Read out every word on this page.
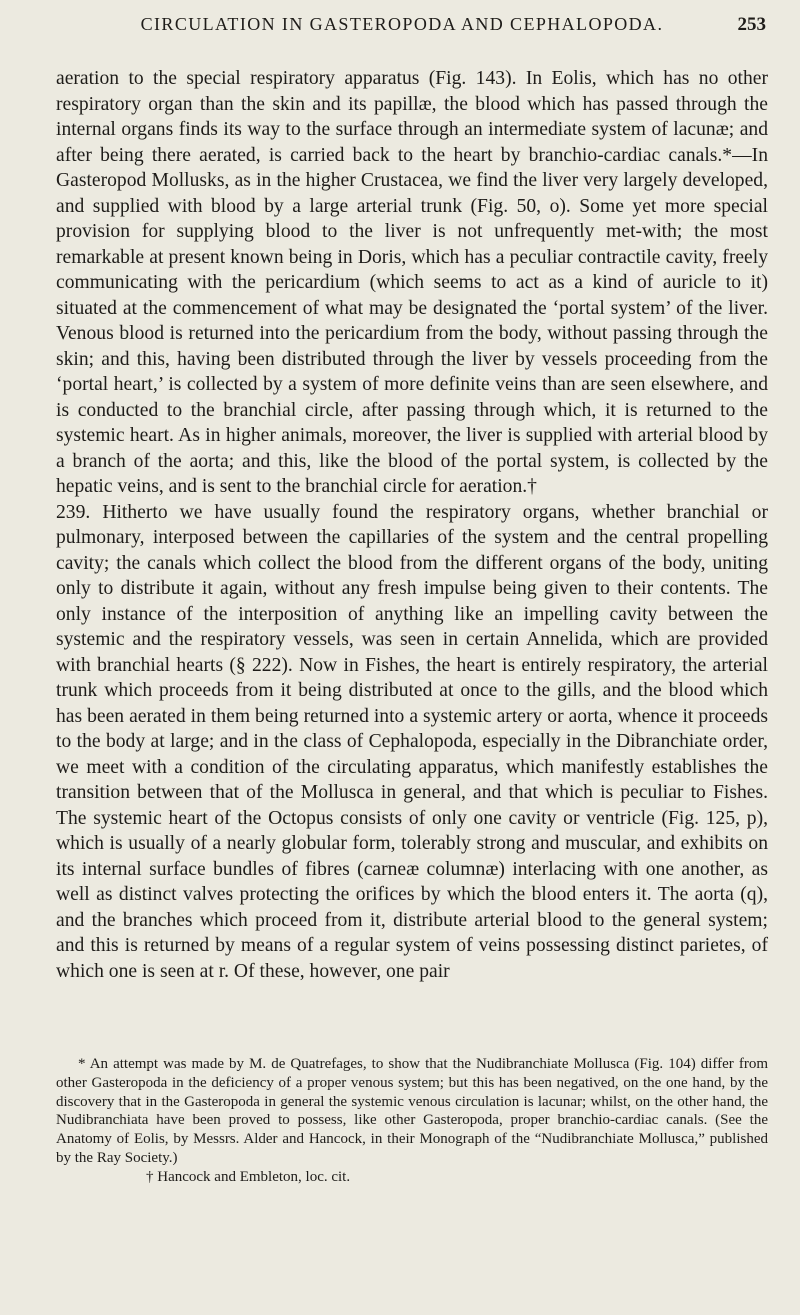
CIRCULATION IN GASTEROPODA AND CEPHALOPODA.	253

aeration to the special respiratory apparatus (Fig. 143). In Eolis, which has no other respiratory organ than the skin and its papillæ, the blood which has passed through the internal organs finds its way to the surface through an intermediate system of lacunæ; and after being there aerated, is carried back to the heart by branchio-cardiac canals.*—In Gasteropod Mollusks, as in the higher Crustacea, we find the liver very largely developed, and supplied with blood by a large arterial trunk (Fig. 50, o). Some yet more special provision for supplying blood to the liver is not unfrequently met-with; the most remarkable at present known being in Doris, which has a peculiar contractile cavity, freely communicating with the pericardium (which seems to act as a kind of auricle to it) situated at the commencement of what may be designated the ‘portal system’ of the liver. Venous blood is returned into the pericardium from the body, without passing through the skin; and this, having been distributed through the liver by vessels proceeding from the ‘portal heart,’ is collected by a system of more definite veins than are seen elsewhere, and is conducted to the branchial circle, after passing through which, it is returned to the systemic heart. As in higher animals, moreover, the liver is supplied with arterial blood by a branch of the aorta; and this, like the blood of the portal system, is collected by the hepatic veins, and is sent to the branchial circle for aeration.†

239. Hitherto we have usually found the respiratory organs, whether branchial or pulmonary, interposed between the capillaries of the system and the central propelling cavity; the canals which collect the blood from the different organs of the body, uniting only to distribute it again, without any fresh impulse being given to their contents. The only instance of the interposition of anything like an impelling cavity between the systemic and the respiratory vessels, was seen in certain Annelida, which are provided with branchial hearts (§ 222). Now in Fishes, the heart is entirely respiratory, the arterial trunk which proceeds from it being distributed at once to the gills, and the blood which has been aerated in them being returned into a systemic artery or aorta, whence it proceeds to the body at large; and in the class of Cephalopoda, especially in the Dibranchiate order, we meet with a condition of the circulating apparatus, which manifestly establishes the transition between that of the Mollusca in general, and that which is peculiar to Fishes. The systemic heart of the Octopus consists of only one cavity or ventricle (Fig. 125, p), which is usually of a nearly globular form, tolerably strong and muscular, and exhibits on its internal surface bundles of fibres (carneæ columnæ) interlacing with one another, as well as distinct valves protecting the orifices by which the blood enters it. The aorta (q), and the branches which proceed from it, distribute arterial blood to the general system; and this is returned by means of a regular system of veins possessing distinct parietes, of which one is seen at r. Of these, however, one pair

* An attempt was made by M. de Quatrefages, to show that the Nudibranchiate Mollusca (Fig. 104) differ from other Gasteropoda in the deficiency of a proper venous system; but this has been negatived, on the one hand, by the discovery that in the Gasteropoda in general the systemic venous circulation is lacunar; whilst, on the other hand, the Nudibranchiata have been proved to possess, like other Gasteropoda, proper branchio-cardiac canals. (See the Anatomy of Eolis, by Messrs. Alder and Hancock, in their Monograph of the “Nudibranchiate Mollusca,” published by the Ray Society.)

† Hancock and Embleton, loc. cit.
